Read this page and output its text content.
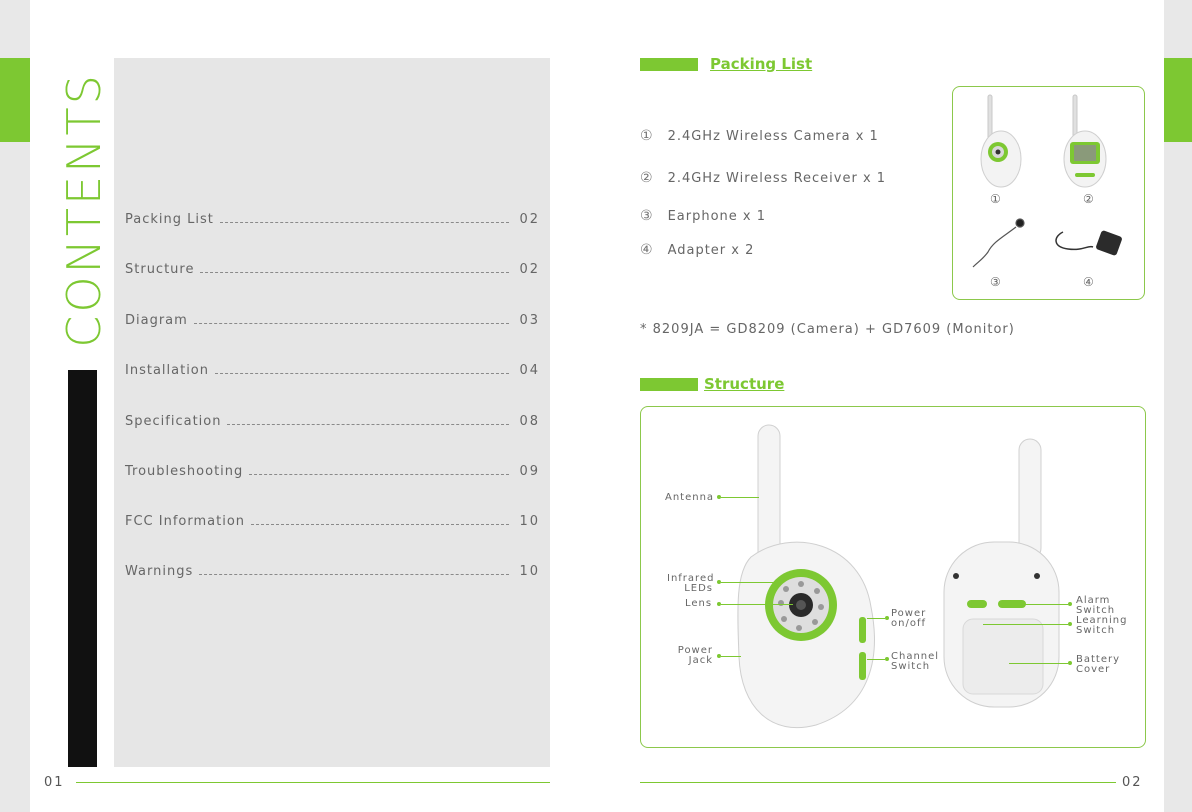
CONTENTS Packing List	02
Structure	02
Diagram	03
Installation	04
Specification	08
Troubleshooting	09
FCC Information	10
Warnings	10
01
Packing List
① 2.4GHz Wireless Camera x 1
② 2.4GHz Wireless Receiver x 1
③ Earphone x 1
④ Adapter x 2
①	②
③	④
* 8209JA = GD8209 (Camera) + GD7609 (Monitor)
Structure
Antenna
Infrared
LEDs
Lens
Power
Jack
Power
on/off
Channel
Switch
Alarm
Switch
Learning
Switch
Battery
Cover
02
